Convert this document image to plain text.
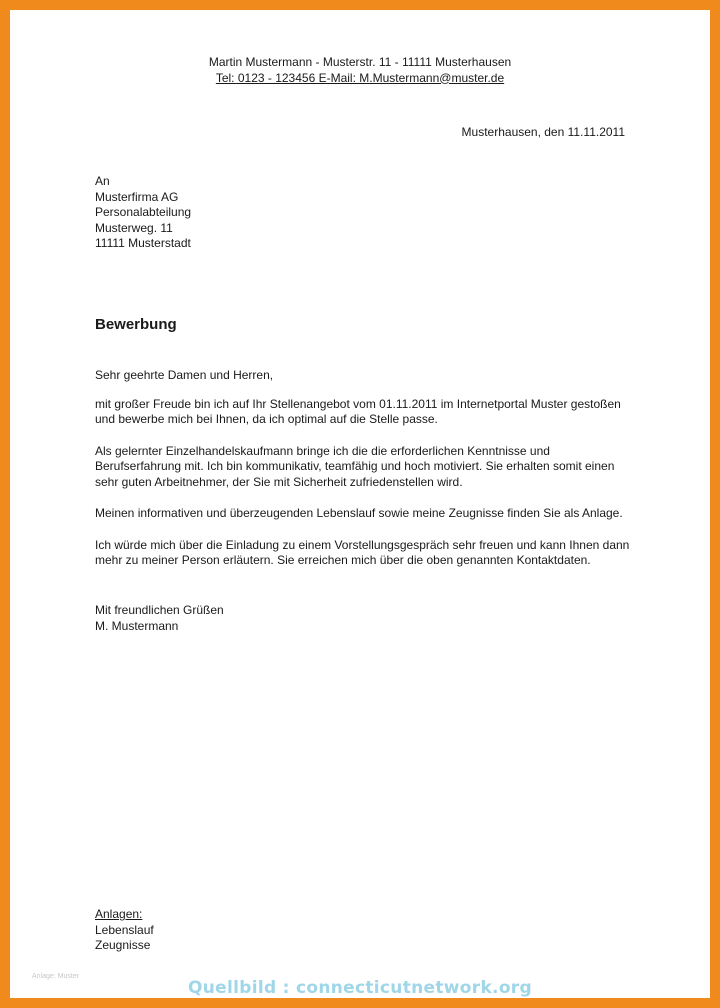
Martin Mustermann - Musterstr. 11 - 11111 Musterhausen
Tel: 0123 - 123456 E-Mail: M.Mustermann@muster.de
Musterhausen, den 11.11.2011
An
Musterfirma AG
Personalabteilung
Musterweg. 11
11111 Musterstadt
Bewerbung

Sehr geehrte Damen und Herren,

mit großer Freude bin ich auf Ihr Stellenangebot vom 01.11.2011 im Internetportal Muster gestoßen und bewerbe mich bei Ihnen, da ich optimal auf die Stelle passe.

Als gelernter Einzelhandelskaufmann bringe ich die die erforderlichen Kenntnisse und Berufserfahrung mit. Ich bin kommunikativ, teamfähig und hoch motiviert. Sie erhalten somit einen sehr guten Arbeitnehmer, der Sie mit Sicherheit zufriedenstellen wird.

Meinen informativen und überzeugenden Lebenslauf sowie meine Zeugnisse finden Sie als Anlage.

Ich würde mich über die Einladung zu einem Vorstellungsgespräch sehr freuen und kann Ihnen dann mehr zu meiner Person erläutern. Sie erreichen mich über die oben genannten Kontaktdaten.

Mit freundlichen Grüßen
M. Mustermann
Anlagen:
Lebenslauf
Zeugnisse
Anlage: Muster
Quellbild : connecticutnetwork.org
